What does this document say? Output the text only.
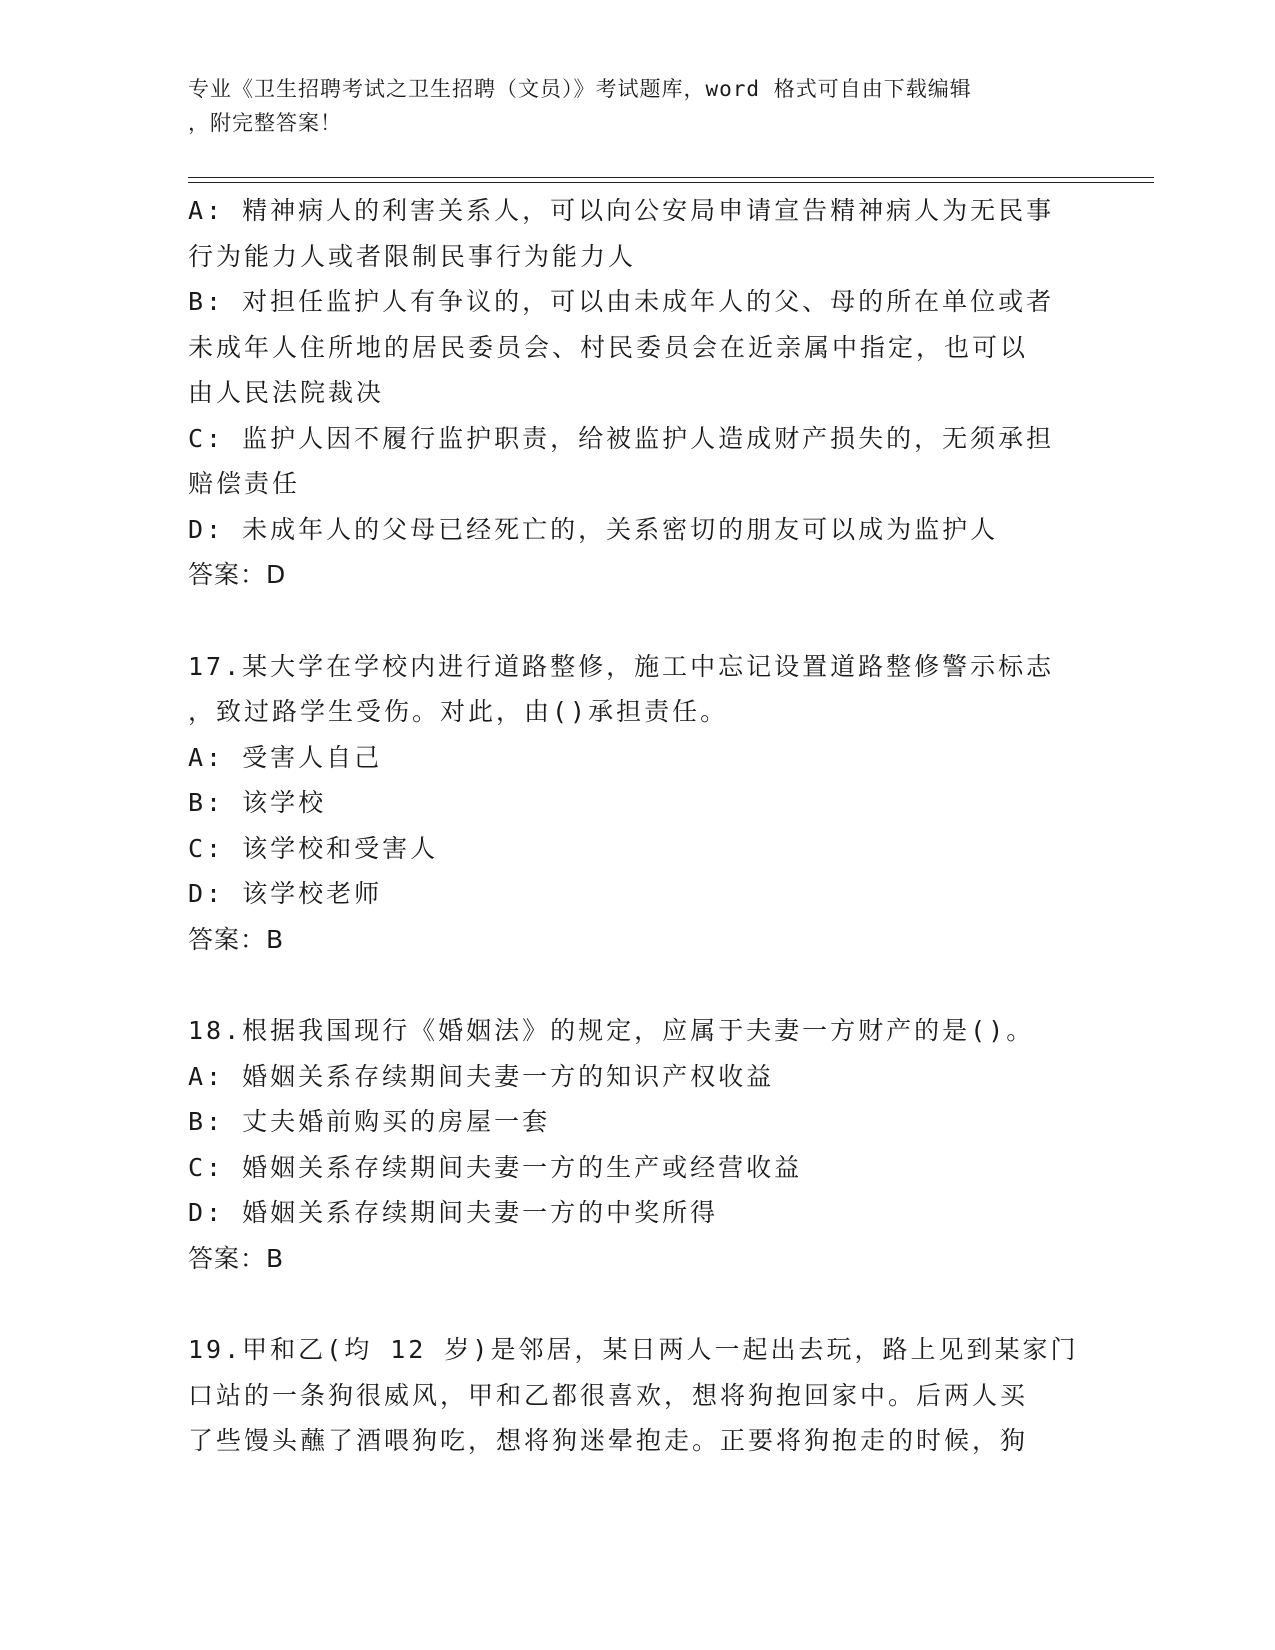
专业《卫生招聘考试之卫生招聘（文员）》考试题库，word 格式可自由下载编辑
，附完整答案！
A: 精神病人的利害关系人，可以向公安局申请宣告精神病人为无民事
行为能力人或者限制民事行为能力人
B: 对担任监护人有争议的，可以由未成年人的父、母的所在单位或者
未成年人住所地的居民委员会、村民委员会在近亲属中指定，也可以
由人民法院裁决
C: 监护人因不履行监护职责，给被监护人造成财产损失的，无须承担
赔偿责任
D: 未成年人的父母已经死亡的，关系密切的朋友可以成为监护人
答案：D
17.某大学在学校内进行道路整修，施工中忘记设置道路整修警示标志
，致过路学生受伤。对此，由()承担责任。
A: 受害人自己
B: 该学校
C: 该学校和受害人
D: 该学校老师
答案：B
18.根据我国现行《婚姻法》的规定，应属于夫妻一方财产的是()。
A: 婚姻关系存续期间夫妻一方的知识产权收益
B: 丈夫婚前购买的房屋一套
C: 婚姻关系存续期间夫妻一方的生产或经营收益
D: 婚姻关系存续期间夫妻一方的中奖所得
答案：B
19.甲和乙(均 12 岁)是邻居，某日两人一起出去玩，路上见到某家门
口站的一条狗很威风，甲和乙都很喜欢，想将狗抱回家中。后两人买
了些馒头蘸了酒喂狗吃，想将狗迷晕抱走。正要将狗抱走的时候，狗
